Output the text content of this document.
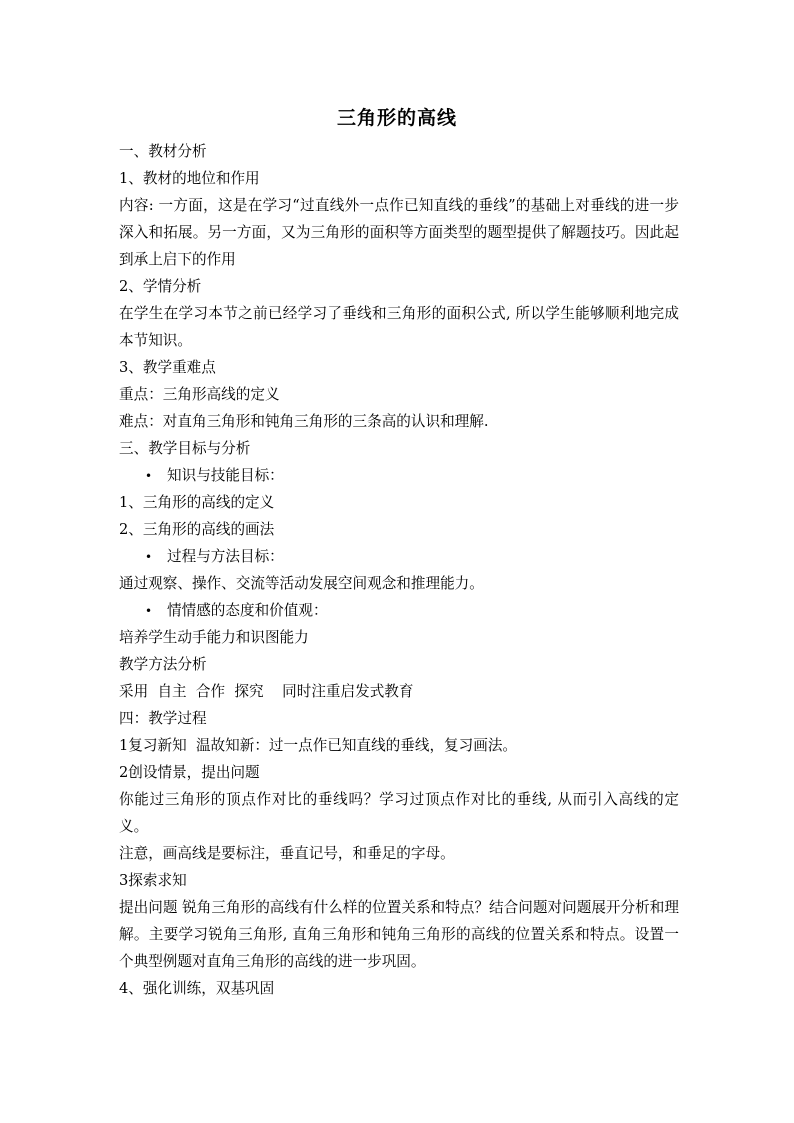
三角形的高线
一、教材分析
1、教材的地位和作用
内容: 一方面，这是在学习“过直线外一点作已知直线的垂线”的基础上对垂线的进一步深入和拓展。另一方面，又为三角形的面积等方面类型的题型提供了解题技巧。因此起到承上启下的作用
2、学情分析
在学生在学习本节之前已经学习了垂线和三角形的面积公式, 所以学生能够顺利地完成本节知识。
3、教学重难点
重点：三角形高线的定义
难点：对直角三角形和钝角三角形的三条高的认识和理解.
三、教学目标与分析
• 知识与技能目标：
1、三角形的高线的定义
2、三角形的高线的画法
• 过程与方法目标：
通过观察、操作、交流等活动发展空间观念和推理能力。
• 情情感的态度和价值观：
培养学生动手能力和识图能力
教学方法分析
采用  自主  合作  探究    同时注重启发式教育
四：教学过程
1复习新知  温故知新：过一点作已知直线的垂线，复习画法。
2创设情景，提出问题
你能过三角形的顶点作对比的垂线吗？学习过顶点作对比的垂线, 从而引入高线的定义。
注意，画高线是要标注，垂直记号，和垂足的字母。
3探索求知
提出问题 锐角三角形的高线有什么样的位置关系和特点？结合问题对问题展开分析和理解。主要学习锐角三角形, 直角三角形和钝角三角形的高线的位置关系和特点。设置一个典型例题对直角三角形的高线的进一步巩固。
4、强化训练，双基巩固
